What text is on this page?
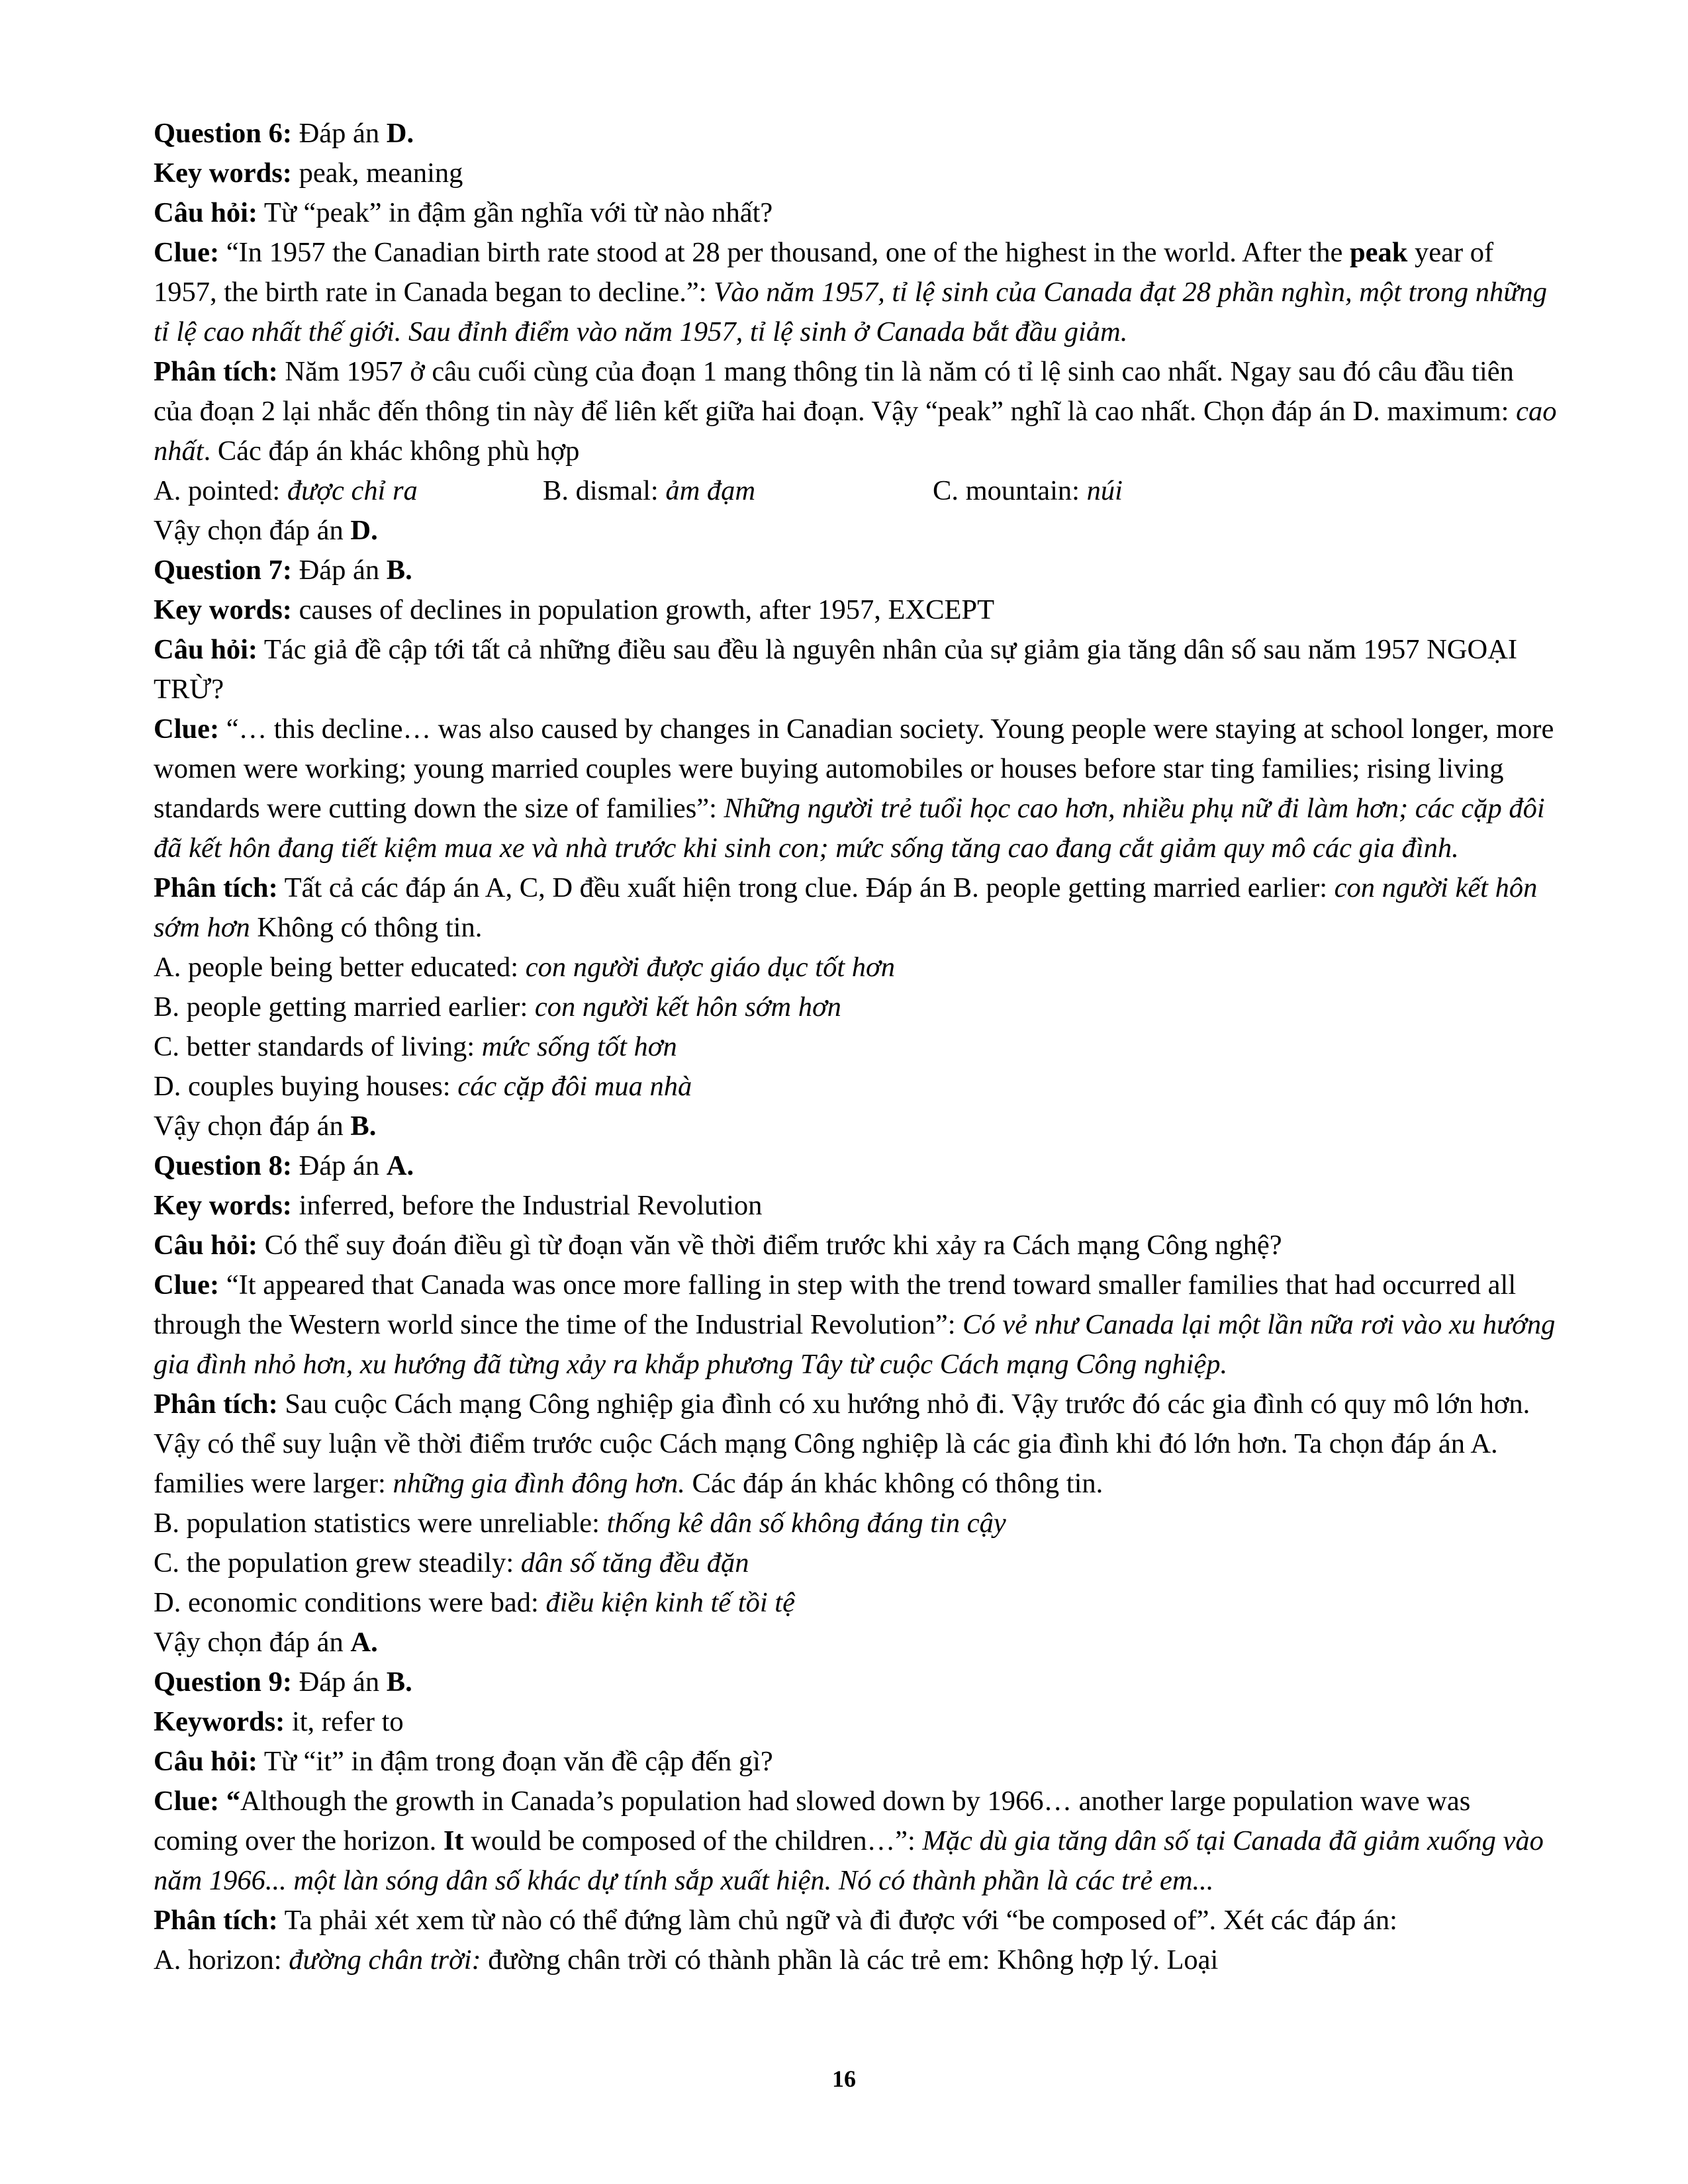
Question 6: Đáp án D.
Key words: peak, meaning
Câu hỏi: Từ “peak” in đậm gần nghĩa với từ nào nhất?
Clue: “In 1957 the Canadian birth rate stood at 28 per thousand, one of the highest in the world. After the peak year of 1957, the birth rate in Canada began to decline.”: Vào năm 1957, tỉ lệ sinh của Canada đạt 28 phần nghìn, một trong những tỉ lệ cao nhất thế giới. Sau đỉnh điểm vào năm 1957, tỉ lệ sinh ở Canada bắt đầu giảm.
Phân tích: Năm 1957 ở câu cuối cùng của đoạn 1 mang thông tin là năm có tỉ lệ sinh cao nhất. Ngay sau đó câu đầu tiên của đoạn 2 lại nhắc đến thông tin này để liên kết giữa hai đoạn. Vậy “peak” nghĩ là cao nhất. Chọn đáp án D. maximum: cao nhất. Các đáp án khác không phù hợp
A. pointed: được chỉ ra	B. dismal: ảm đạm	C. mountain: núi
Vậy chọn đáp án D.
Question 7: Đáp án B.
Key words: causes of declines in population growth, after 1957, EXCEPT
Câu hỏi: Tác giả đề cập tới tất cả những điều sau đều là nguyên nhân của sự giảm gia tăng dân số sau năm 1957 NGOẠI TRỪ?
Clue: “… this decline… was also caused by changes in Canadian society. Young people were staying at school longer, more women were working; young married couples were buying automobiles or houses before star ting families; rising living standards were cutting down the size of families”: Những người trẻ tuổi học cao hơn, nhiều phụ nữ đi làm hơn; các cặp đôi đã kết hôn đang tiết kiệm mua xe và nhà trước khi sinh con; mức sống tăng cao đang cắt giảm quy mô các gia đình.
Phân tích: Tất cả các đáp án A, C, D đều xuất hiện trong clue. Đáp án B. people getting married earlier: con người kết hôn sớm hơn Không có thông tin.
A. people being better educated: con người được giáo dục tốt hơn
B. people getting married earlier: con người kết hôn sớm hơn
C. better standards of living: mức sống tốt hơn
D. couples buying houses: các cặp đôi mua nhà
Vậy chọn đáp án B.
Question 8: Đáp án A.
Key words: inferred, before the Industrial Revolution
Câu hỏi: Có thể suy đoán điều gì từ đoạn văn về thời điểm trước khi xảy ra Cách mạng Công nghệ?
Clue: “It appeared that Canada was once more falling in step with the trend toward smaller families that had occurred all through the Western world since the time of the Industrial Revolution”: Có vẻ như Canada lại một lần nữa rơi vào xu hướng gia đình nhỏ hơn, xu hướng đã từng xảy ra khắp phương Tây từ cuộc Cách mạng Công nghiệp.
Phân tích: Sau cuộc Cách mạng Công nghiệp gia đình có xu hướng nhỏ đi. Vậy trước đó các gia đình có quy mô lớn hơn. Vậy có thể suy luận về thời điểm trước cuộc Cách mạng Công nghiệp là các gia đình khi đó lớn hơn. Ta chọn đáp án A. families were larger: những gia đình đông hơn. Các đáp án khác không có thông tin.
B. population statistics were unreliable: thống kê dân số không đáng tin cậy
C. the population grew steadily: dân số tăng đều đặn
D. economic conditions were bad: điều kiện kinh tế tồi tệ
Vậy chọn đáp án A.
Question 9: Đáp án B.
Keywords: it, refer to
Câu hỏi: Từ “it” in đậm trong đoạn văn đề cập đến gì?
Clue: “Although the growth in Canada’s population had slowed down by 1966… another large population wave was coming over the horizon. It would be composed of the children…”: Mặc dù gia tăng dân số tại Canada đã giảm xuống vào năm 1966... một làn sóng dân số khác dự tính sắp xuất hiện. Nó có thành phần là các trẻ em...
Phân tích: Ta phải xét xem từ nào có thể đứng làm chủ ngữ và đi được với “be composed of”. Xét các đáp án:
A. horizon: đường chân trời: đường chân trời có thành phần là các trẻ em: Không hợp lý. Loại
16
